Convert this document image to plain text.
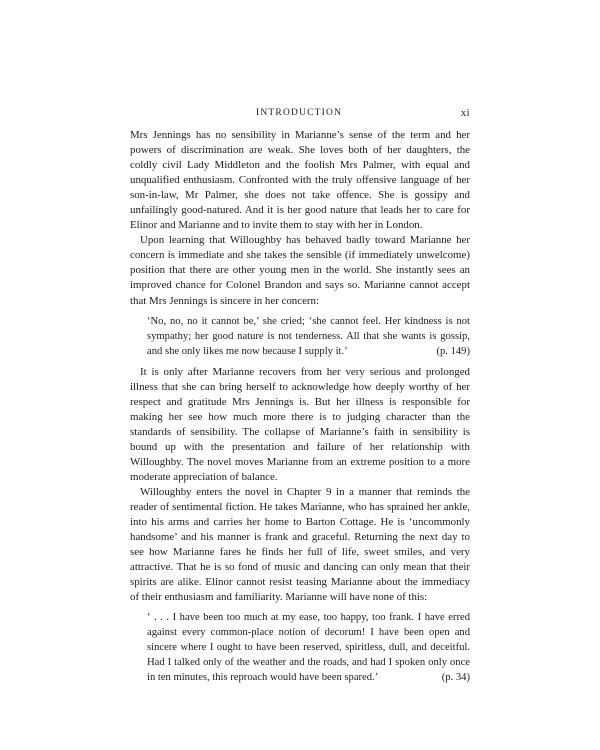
INTRODUCTION	xi

Mrs Jennings has no sensibility in Marianne’s sense of the term and her powers of discrimination are weak. She loves both of her daughters, the coldly civil Lady Middleton and the foolish Mrs Palmer, with equal and unqualified enthusiasm. Confronted with the truly offensive language of her son-in-law, Mr Palmer, she does not take offence. She is gossipy and unfailingly good-natured. And it is her good nature that leads her to care for Elinor and Marianne and to invite them to stay with her in London.

Upon learning that Willoughby has behaved badly toward Marianne her concern is immediate and she takes the sensible (if immediately unwelcome) position that there are other young men in the world. She instantly sees an improved chance for Colonel Brandon and says so. Marianne cannot accept that Mrs Jennings is sincere in her concern:

‘No, no, no it cannot be,’ she cried; ‘she cannot feel. Her kindness is not sympathy; her good nature is not tenderness. All that she wants is gossip, and she only likes me now because I supply it.’	(p. 149)

It is only after Marianne recovers from her very serious and prolonged illness that she can bring herself to acknowledge how deeply worthy of her respect and gratitude Mrs Jennings is. But her illness is responsible for making her see how much more there is to judging character than the standards of sensibility. The collapse of Marianne’s faith in sensibility is bound up with the presentation and failure of her relationship with Willoughby. The novel moves Marianne from an extreme position to a more moderate appreciation of balance.

Willoughby enters the novel in Chapter 9 in a manner that reminds the reader of sentimental fiction. He takes Marianne, who has sprained her ankle, into his arms and carries her home to Barton Cottage. He is ‘uncommonly handsome’ and his manner is frank and graceful. Returning the next day to see how Marianne fares he finds her full of life, sweet smiles, and very attractive. That he is so fond of music and dancing can only mean that their spirits are alike. Elinor cannot resist teasing Marianne about the immediacy of their enthusiasm and familiarity. Marianne will have none of this:

‘ . . . I have been too much at my ease, too happy, too frank. I have erred against every common-place notion of decorum! I have been open and sincere where I ought to have been reserved, spiritless, dull, and deceitful. Had I talked only of the weather and the roads, and had I spoken only once in ten minutes, this reproach would have been spared.’	(p. 34)
